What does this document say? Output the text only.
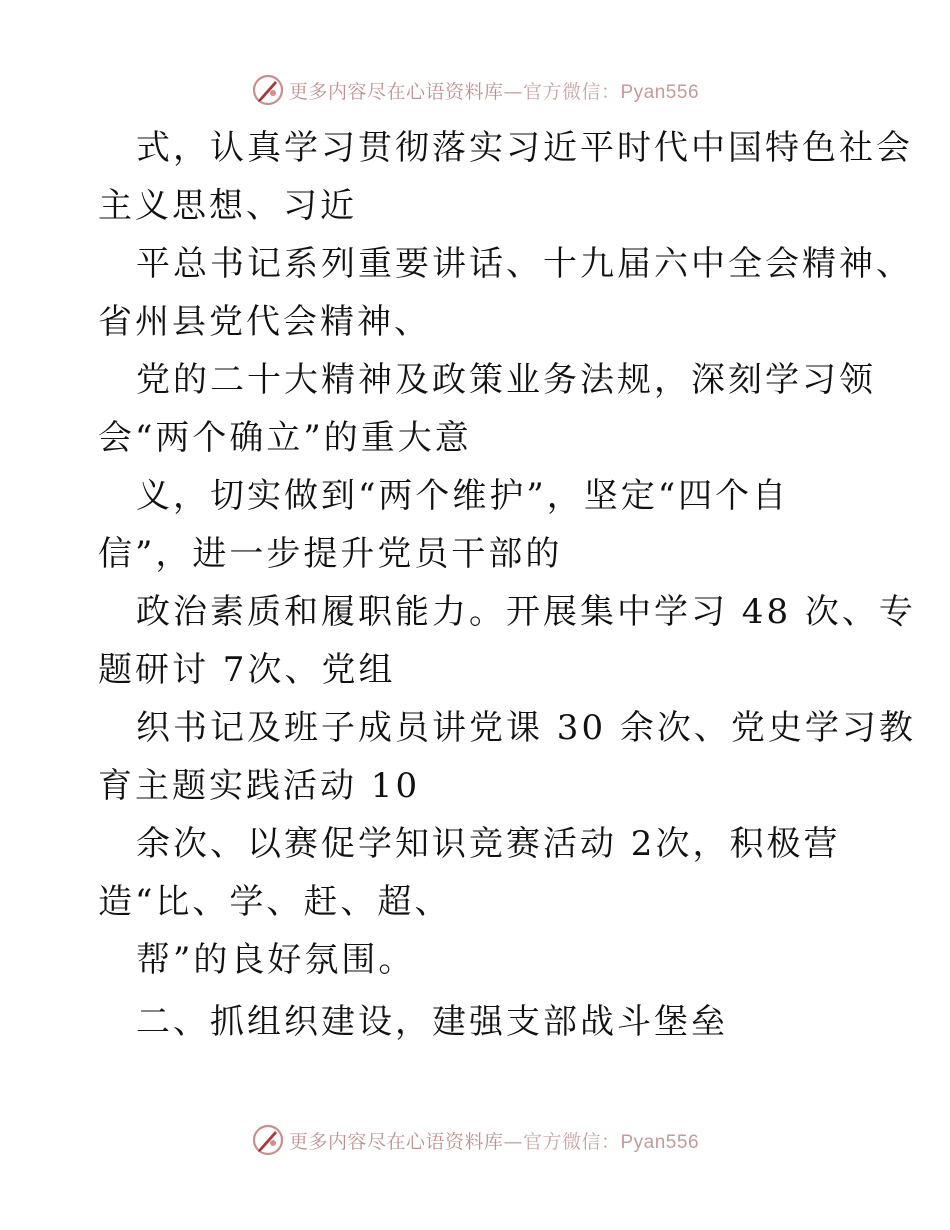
更多内容尽在心语资料库—官方微信：Pyan556
式，认真学习贯彻落实习近平时代中国特色社会
主义思想、习近
平总书记系列重要讲话、十九届六中全会精神、
省州县党代会精神、
党的二十大精神及政策业务法规，深刻学习领
会“两个确立”的重大意
义，切实做到“两个维护”，坚定“四个自
信”，进一步提升党员干部的
政治素质和履职能力。开展集中学习 48 次、专
题研讨 7次、党组
织书记及班子成员讲党课 30 余次、党史学习教
育主题实践活动 10
余次、以赛促学知识竞赛活动 2次，积极营
造“比、学、赶、超、
帮”的良好氛围。
二、抓组织建设，建强支部战斗堡垒
更多内容尽在心语资料库—官方微信：Pyan556
